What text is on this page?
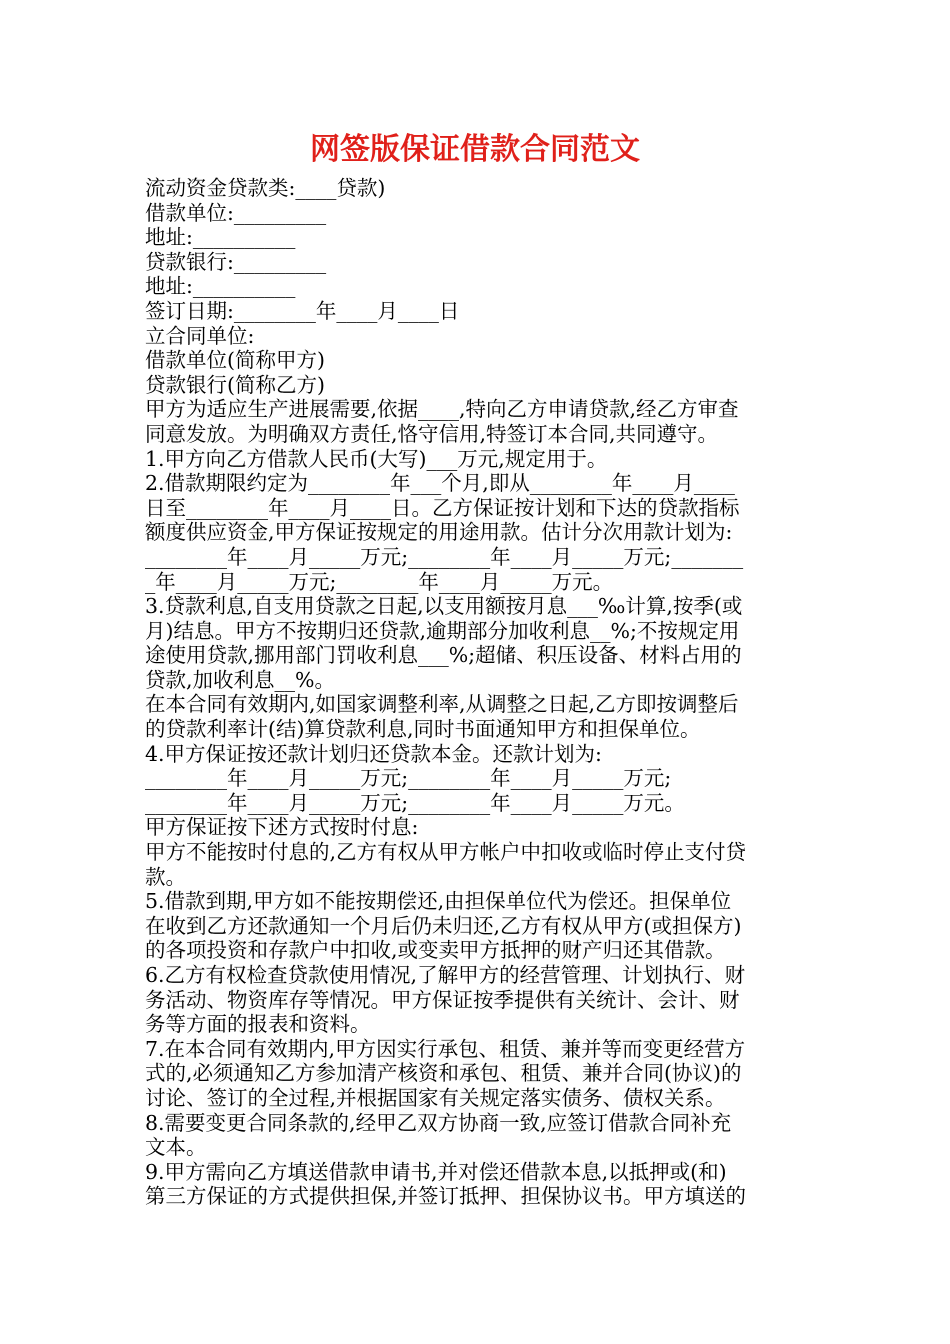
网签版保证借款合同范文
流动资金贷款类:____贷款)
借款单位:_________
地址:__________
贷款银行:_________
地址:__________
签订日期:________年____月____日
立合同单位:
借款单位(简称甲方)
贷款银行(简称乙方)
甲方为适应生产进展需要,依据____,特向乙方申请贷款,经乙方审查
同意发放。为明确双方责任,恪守信用,特签订本合同,共同遵守。
1.甲方向乙方借款人民币(大写)___万元,规定用于。
2.借款期限约定为________年___个月,即从________年____月____
日至________年____月____日。乙方保证按计划和下达的贷款指标
额度供应资金,甲方保证按规定的用途用款。估计分次用款计划为:
________年____月_____万元;________年____月_____万元;_______
_年____月_____万元;________年____月_____万元。
3.贷款利息,自支用贷款之日起,以支用额按月息___‰计算,按季(或
月)结息。甲方不按期归还贷款,逾期部分加收利息__%;不按规定用
途使用贷款,挪用部门罚收利息___%;超储、积压设备、材料占用的
贷款,加收利息__%。
在本合同有效期内,如国家调整利率,从调整之日起,乙方即按调整后
的贷款利率计(结)算贷款利息,同时书面通知甲方和担保单位。
4.甲方保证按还款计划归还贷款本金。还款计划为:
________年____月_____万元;________年____月_____万元;
________年____月_____万元;________年____月_____万元。
甲方保证按下述方式按时付息:
甲方不能按时付息的,乙方有权从甲方帐户中扣收或临时停止支付贷
款。
5.借款到期,甲方如不能按期偿还,由担保单位代为偿还。担保单位
在收到乙方还款通知一个月后仍未归还,乙方有权从甲方(或担保方)
的各项投资和存款户中扣收,或变卖甲方抵押的财产归还其借款。
6.乙方有权检查贷款使用情况,了解甲方的经营管理、计划执行、财
务活动、物资库存等情况。甲方保证按季提供有关统计、会计、财
务等方面的报表和资料。
7.在本合同有效期内,甲方因实行承包、租赁、兼并等而变更经营方
式的,必须通知乙方参加清产核资和承包、租赁、兼并合同(协议)的
讨论、签订的全过程,并根据国家有关规定落实债务、债权关系。
8.需要变更合同条款的,经甲乙双方协商一致,应签订借款合同补充
文本。
9.甲方需向乙方填送借款申请书,并对偿还借款本息,以抵押或(和)
第三方保证的方式提供担保,并签订抵押、担保协议书。甲方填送的
